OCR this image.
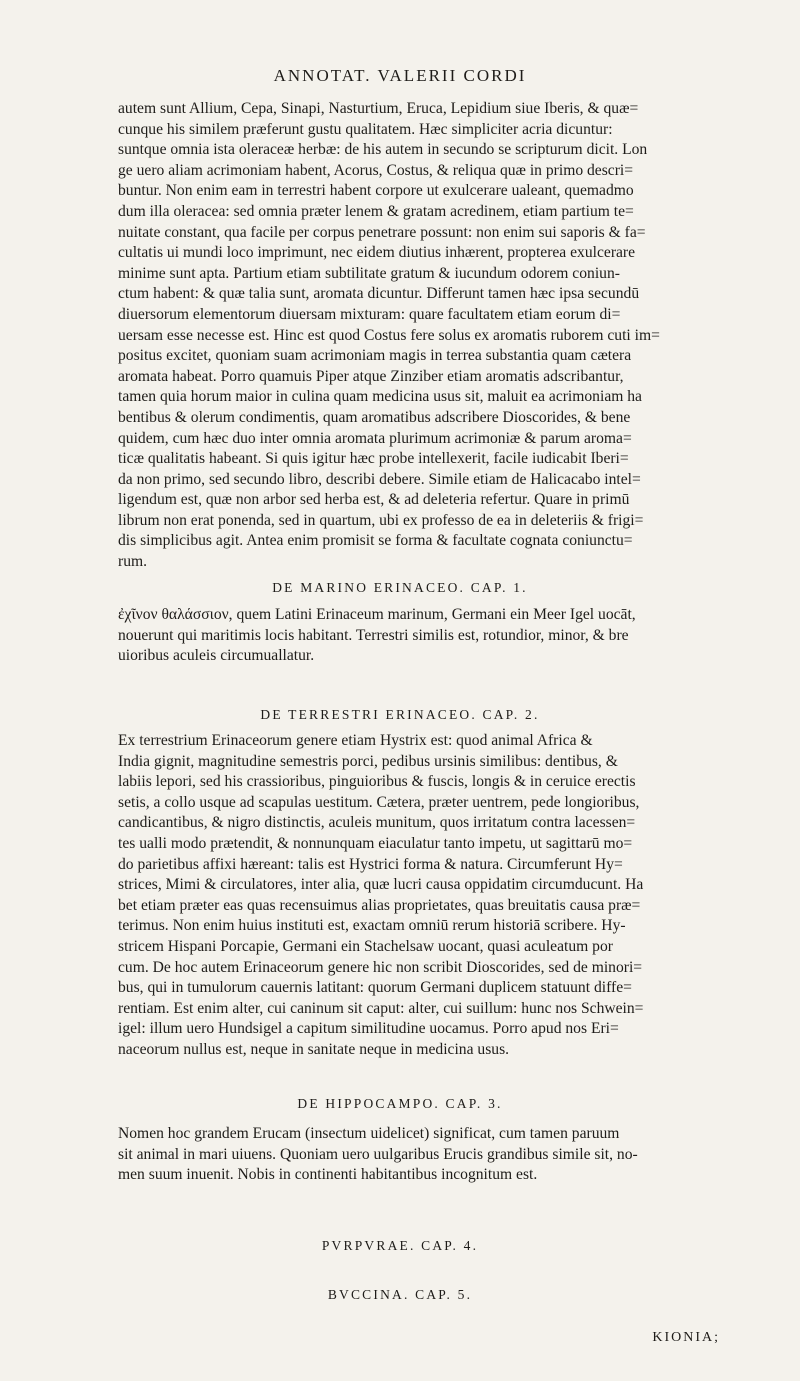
ANNOTAT. VALERII CORDI

autem sunt Allium, Cepa, Sinapi, Nasturtium, Eruca, Lepidium siue Iberis, & quæ=
cunque his similem præferunt gustu qualitatem. Hæc simpliciter acria dicuntur:
suntque omnia ista oleraceæ herbæ: de his autem in secundo se scripturum dicit. Lon
ge uero aliam acrimoniam habent, Acorus, Costus, & reliqua quæ in primo descri=
buntur. Non enim eam in terrestri habent corpore ut exulcerare ualeant, quemadmo
dum illa oleracea: sed omnia præter lenem & gratam acredinem, etiam partium te=
nuitate constant, qua facile per corpus penetrare possunt: non enim sui saporis & fa=
cultatis ui mundi loco imprimunt, nec eidem diutius inhærent, propterea exulcerare
minime sunt apta. Partium etiam subtilitate gratum & iucundum odorem coniun-
ctum habent: & quæ talia sunt, aromata dicuntur. Differunt tamen hæc ipsa secundū
diuersorum elementorum diuersam mixturam: quare facultatem etiam eorum di=
uersam esse necesse est. Hinc est quod Costus fere solus ex aromatis ruborem cuti im=
positus excitet, quoniam suam acrimoniam magis in terrea substantia quam cætera
aromata habeat. Porro quamuis Piper atque Zinziber etiam aromatis adscribantur,
tamen quia horum maior in culina quam medicina usus sit, maluit ea acrimoniam ha
bentibus & olerum condimentis, quam aromatibus adscribere Dioscorides, & bene
quidem, cum hæc duo inter omnia aromata plurimum acrimoniæ & parum aroma=
ticæ qualitatis habeant. Si quis igitur hæc probe intellexerit, facile iudicabit Iberi=
da non primo, sed secundo libro, describi debere. Simile etiam de Halicacabo intel=
ligendum est, quæ non arbor sed herba est, & ad deleteria refertur. Quare in primū
librum non erat ponenda, sed in quartum, ubi ex professo de ea in deleteriis & frigi=
dis simplicibus agit. Antea enim promisit se forma & facultate cognata coniunctu=
rum.

DE MARINO ERINACEO. CAP. 1.

ἐχῖνον θαλάσσιον, quem Latini Erinaceum marinum, Germani ein Meer Igel uocāt,
nouerunt qui maritimis locis habitant. Terrestri similis est, rotundior, minor, & bre
uioribus aculeis circumuallatur.

DE TERRESTRI ERINACEO. CAP. 2.

Ex terrestrium Erinaceorum genere etiam Hystrix est: quod animal Africa &
India gignit, magnitudine semestris porci, pedibus ursinis similibus: dentibus, &
labiis lepori, sed his crassioribus, pinguioribus & fuscis, longis & in ceruice erectis
setis, a collo usque ad scapulas uestitum. Cætera, præter uentrem, pede longioribus,
candicantibus, & nigro distinctis, aculeis munitum, quos irritatum contra lacessen=
tes ualli modo prætendit, & nonnunquam eiaculatur tanto impetu, ut sagittarū mo=
do parietibus affixi hæreant: talis est Hystrici forma & natura. Circumferunt Hy=
strices, Mimi & circulatores, inter alia, quæ lucri causa oppidatim circumducunt. Ha
bet etiam præter eas quas recensuimus alias proprietates, quas breuitatis causa præ=
terimus. Non enim huius instituti est, exactam omniū rerum historiā scribere. Hy-
stricem Hispani Porcapie, Germani ein Stachelsaw uocant, quasi aculeatum por
cum. De hoc autem Erinaceorum genere hic non scribit Dioscorides, sed de minori=
bus, qui in tumulorum cauernis latitant: quorum Germani duplicem statuunt diffe=
rentiam. Est enim alter, cui caninum sit caput: alter, cui suillum: hunc nos Schwein=
igel: illum uero Hundsigel a capitum similitudine uocamus. Porro apud nos Eri=
naceorum nullus est, neque in sanitate neque in medicina usus.

DE HIPPOCAMPO. CAP. 3.

Nomen hoc grandem Erucam (insectum uidelicet) significat, cum tamen paruum
sit animal in mari uiuens. Quoniam uero uulgaribus Erucis grandibus simile sit, no-
men suum inuenit. Nobis in continenti habitantibus incognitum est.

PVRPVRAE. CAP. 4.
BVCCINA. CAP. 5.
ΚΙΟΝΙΑ;
